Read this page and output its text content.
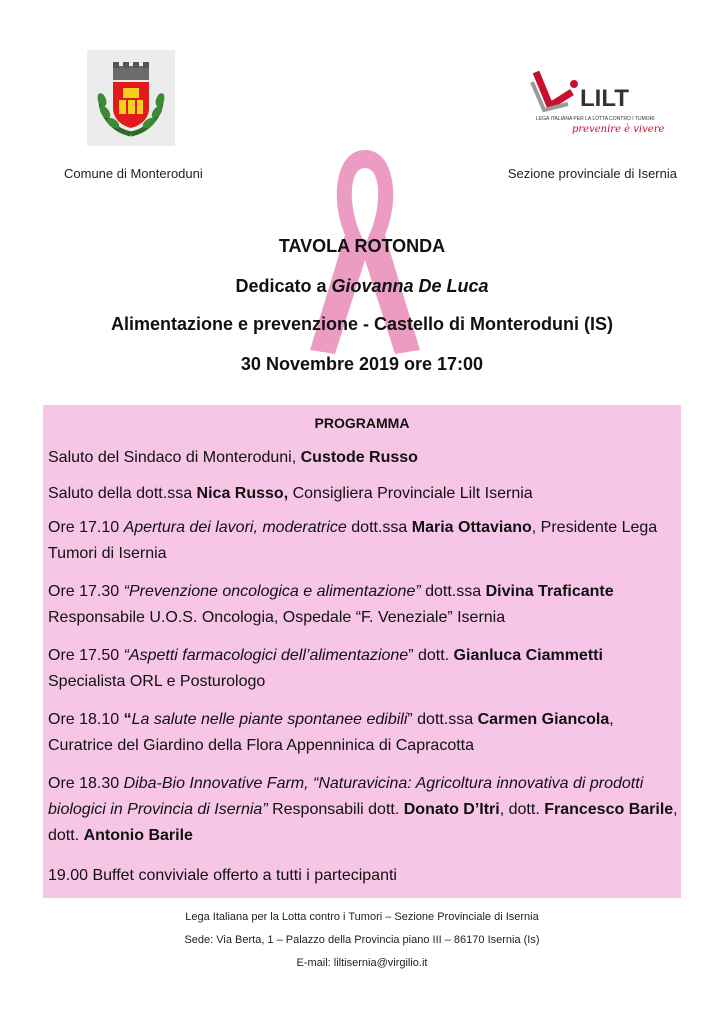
LILT
LEGA ITALIANA PER LA LOTTA CONTRO I TUMORI
prevenire è vivere
Comune di Monteroduni	Sezione provinciale di Isernia
TAVOLA ROTONDA
Dedicato a Giovanna De Luca
Alimentazione e prevenzione - Castello di Monteroduni (IS)
30 Novembre 2019 ore 17:00
PROGRAMMA
Saluto del Sindaco di Monteroduni, Custode Russo
Saluto della dott.ssa Nica Russo, Consigliera Provinciale Lilt Isernia
Ore 17.10 Apertura dei lavori, moderatrice dott.ssa Maria Ottaviano, Presidente Lega Tumori di Isernia
Ore 17.30 “Prevenzione oncologica e alimentazione” dott.ssa Divina Traficante Responsabile U.O.S. Oncologia, Ospedale “F. Veneziale” Isernia
Ore 17.50 “Aspetti farmacologici dell’alimentazione” dott. Gianluca Ciammetti Specialista ORL e Posturologo
Ore 18.10 “La salute nelle piante spontanee edibili” dott.ssa Carmen Giancola, Curatrice del Giardino della Flora Appenninica di Capracotta
Ore 18.30 Diba-Bio Innovative Farm, “Naturavicina: Agricoltura innovativa di prodotti biologici in Provincia di Isernia” Responsabili dott. Donato D’Itri, dott. Francesco Barile, dott. Antonio Barile
19.00 Buffet conviviale offerto a tutti i partecipanti
Lega Italiana per la Lotta contro i Tumori – Sezione Provinciale di Isernia
Sede: Via Berta, 1 – Palazzo della Provincia piano III – 86170 Isernia (Is)
E-mail: liltisernia@virgilio.it
